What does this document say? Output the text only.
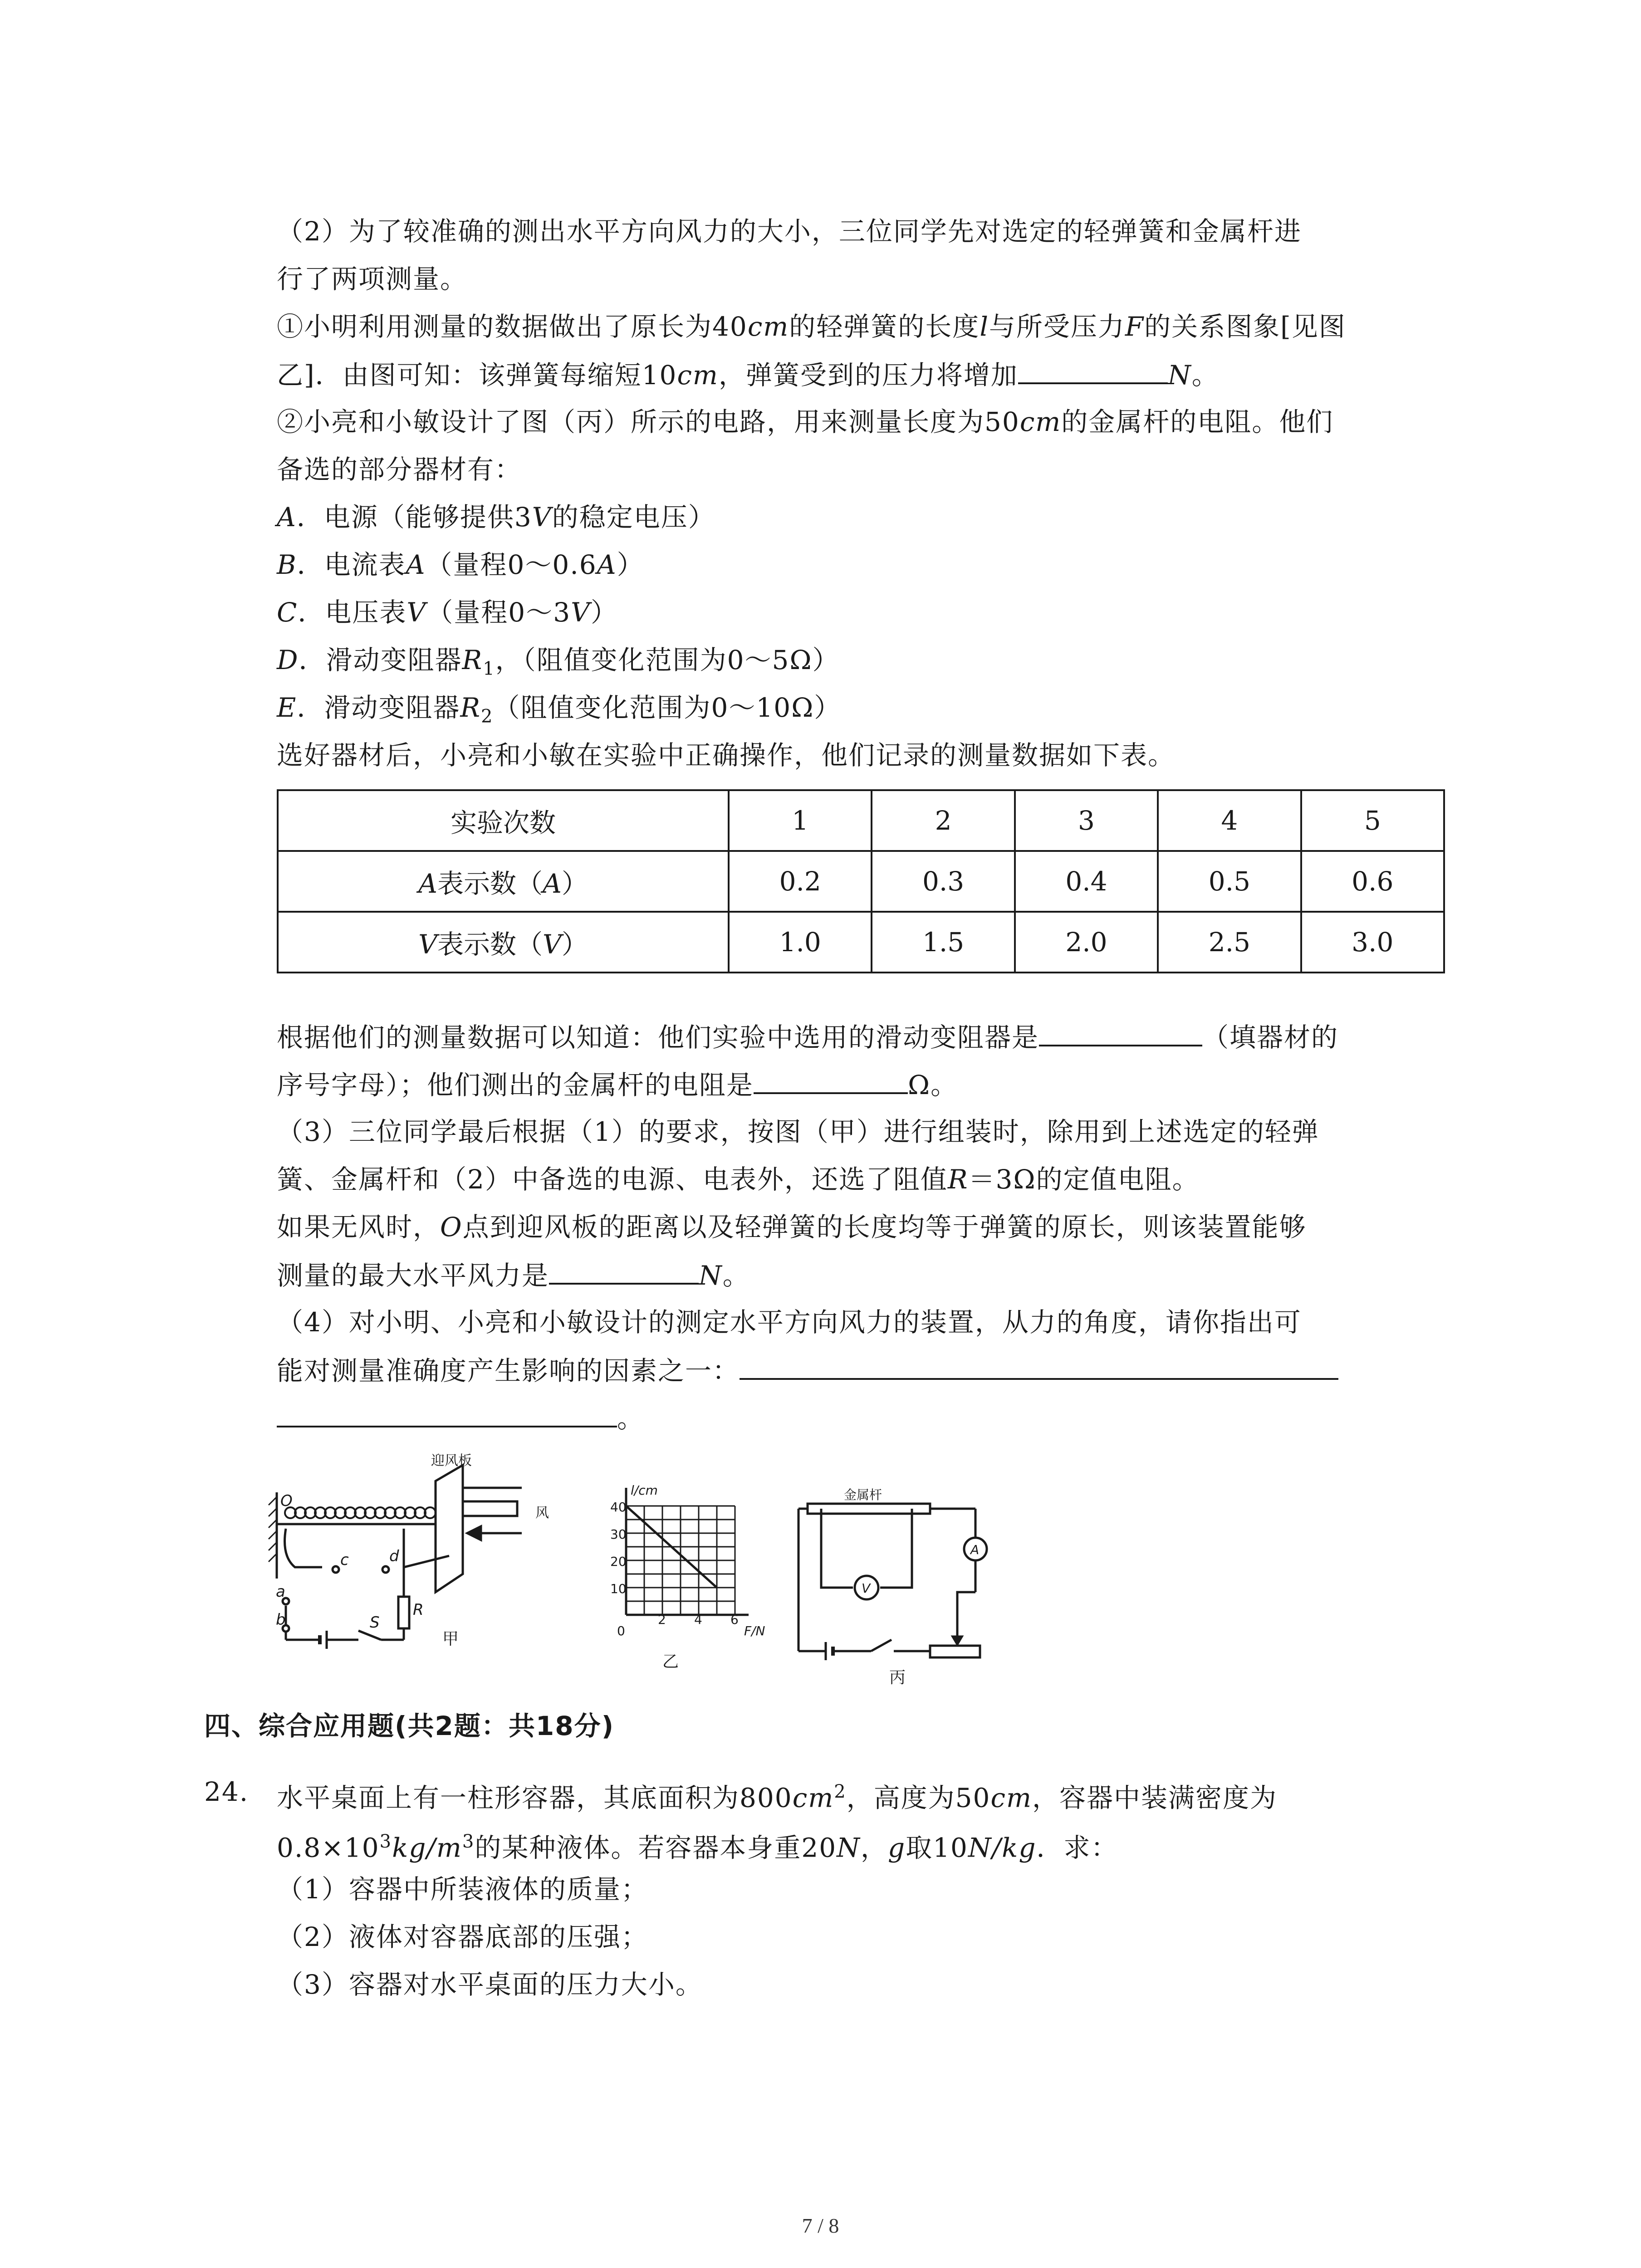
（2）为了较准确的测出水平方向风力的大小，三位同学先对选定的轻弹簧和金属杆进
行了两项测量。
①小明利用测量的数据做出了原长为40cm的轻弹簧的长度l与所受压力F的关系图象[见图
乙]．由图可知：该弹簧每缩短10cm，弹簧受到的压力将增加	N。
②小亮和小敏设计了图（丙）所示的电路，用来测量长度为50cm的金属杆的电阻。他们
备选的部分器材有：
A．电源（能够提供3V的稳定电压）
B．电流表A（量程0～0.6A）
C．电压表V（量程0～3V）
D．滑动变阻器$R_1$，（阻值变化范围为0～5Ω）
E．滑动变阻器$R_2$（阻值变化范围为0～10Ω）
选好器材后，小亮和小敏在实验中正确操作，他们记录的测量数据如下表。
实验次数	1	2	3	4	5
A表示数（A）	0.2	0.3	0.4	0.5	0.6
V表示数（V）	1.0	1.5	2.0	2.5	3.0
根据他们的测量数据可以知道：他们实验中选用的滑动变阻器是	（填器材的
序号字母）；他们测出的金属杆的电阻是	Ω。
（3）三位同学最后根据（1）的要求，按图（甲）进行组装时，除用到上述选定的轻弹
簧、金属杆和（2）中备选的电源、电表外，还选了阻值R＝3Ω的定值电阻。
如果无风时，O点到迎风板的距离以及轻弹簧的长度均等于弹簧的原长，则该装置能够
测量的最大水平风力是	N。
（4）对小明、小亮和小敏设计的测定水平方向风力的装置，从力的角度，请你指出可
能对测量准确度产生影响的因素之一：
。
O
迎风板
风
a
b
c	d
S
R
甲
l/cm
F/N
40
30
20
10
0
2 4 6
乙
金属杆
V
A
丙
四、综合应用题(共2题：共18分)
24. 水平桌面上有一柱形容器，其底面积为$800cm^2$，高度为50cm，容器中装满密度为
$0.8\times 10^3kg/m^3$的某种液体。若容器本身重20N，g取10N/kg．求：
（1）容器中所装液体的质量；
（2）液体对容器底部的压强；
（3）容器对水平桌面的压力大小。
7 / 8
